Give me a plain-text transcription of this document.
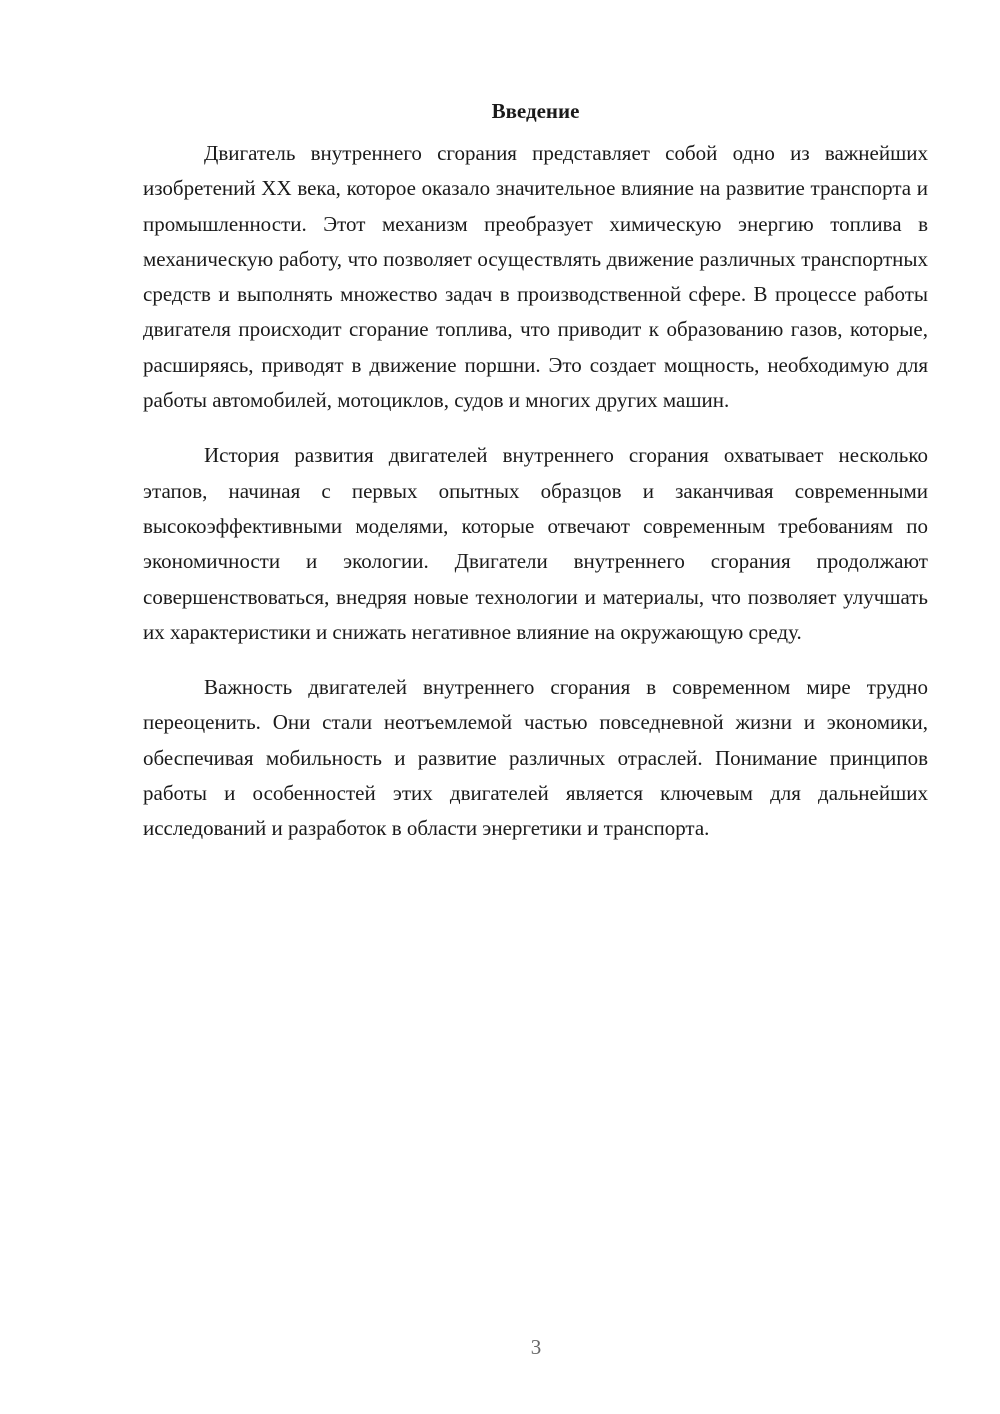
Введение

Двигатель внутреннего сгорания представляет собой одно из важнейших изобретений XX века, которое оказало значительное влияние на развитие транспорта и промышленности. Этот механизм преобразует химическую энергию топлива в механическую работу, что позволяет осуществлять движение различных транспортных средств и выполнять множество задач в производственной сфере. В процессе работы двигателя происходит сгорание топлива, что приводит к образованию газов, которые, расширяясь, приводят в движение поршни. Это создает мощность, необходимую для работы автомобилей, мотоциклов, судов и многих других машин.

История развития двигателей внутреннего сгорания охватывает несколько этапов, начиная с первых опытных образцов и заканчивая современными высокоэффективными моделями, которые отвечают современным требованиям по экономичности и экологии. Двигатели внутреннего сгорания продолжают совершенствоваться, внедряя новые технологии и материалы, что позволяет улучшать их характеристики и снижать негативное влияние на окружающую среду.

Важность двигателей внутреннего сгорания в современном мире трудно переоценить. Они стали неотъемлемой частью повседневной жизни и экономики, обеспечивая мобильность и развитие различных отраслей. Понимание принципов работы и особенностей этих двигателей является ключевым для дальнейших исследований и разработок в области энергетики и транспорта.

3
